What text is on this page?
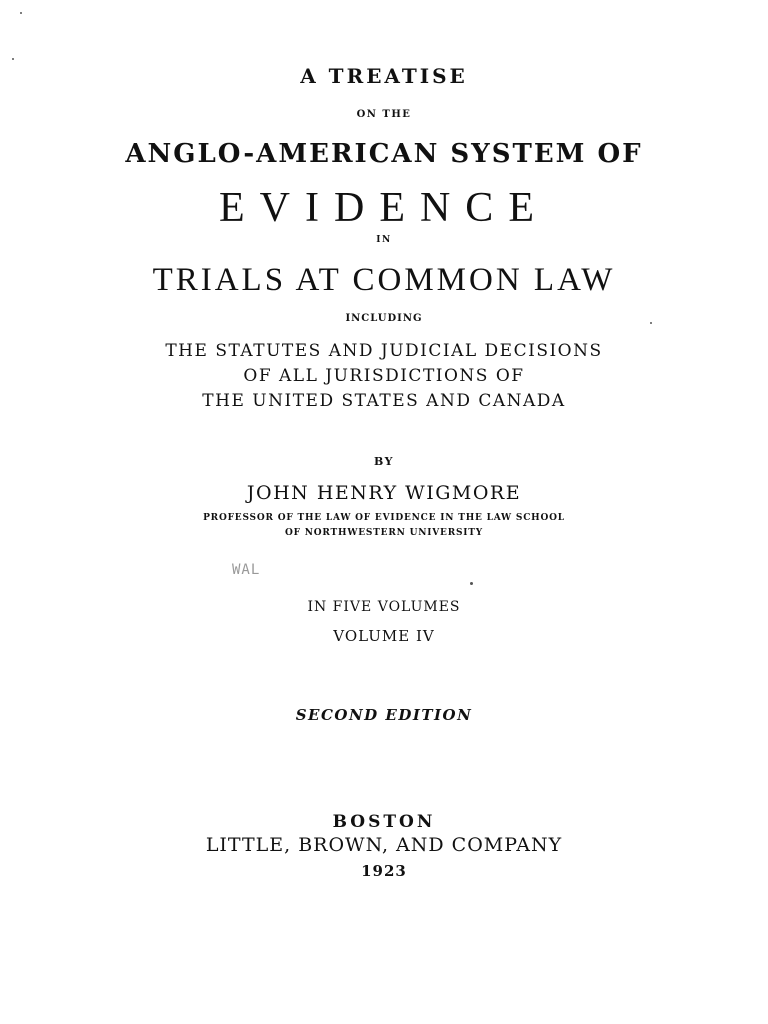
A TREATISE
ON THE
ANGLO-AMERICAN SYSTEM OF
EVIDENCE
IN
TRIALS AT COMMON LAW
INCLUDING
THE STATUTES AND JUDICIAL DECISIONS
OF ALL JURISDICTIONS OF
THE UNITED STATES AND CANADA
BY
JOHN HENRY WIGMORE
PROFESSOR OF THE LAW OF EVIDENCE IN THE LAW SCHOOL
OF NORTHWESTERN UNIVERSITY
WAL
IN FIVE VOLUMES
VOLUME IV
SECOND EDITION
BOSTON
LITTLE, BROWN, AND COMPANY
1923
